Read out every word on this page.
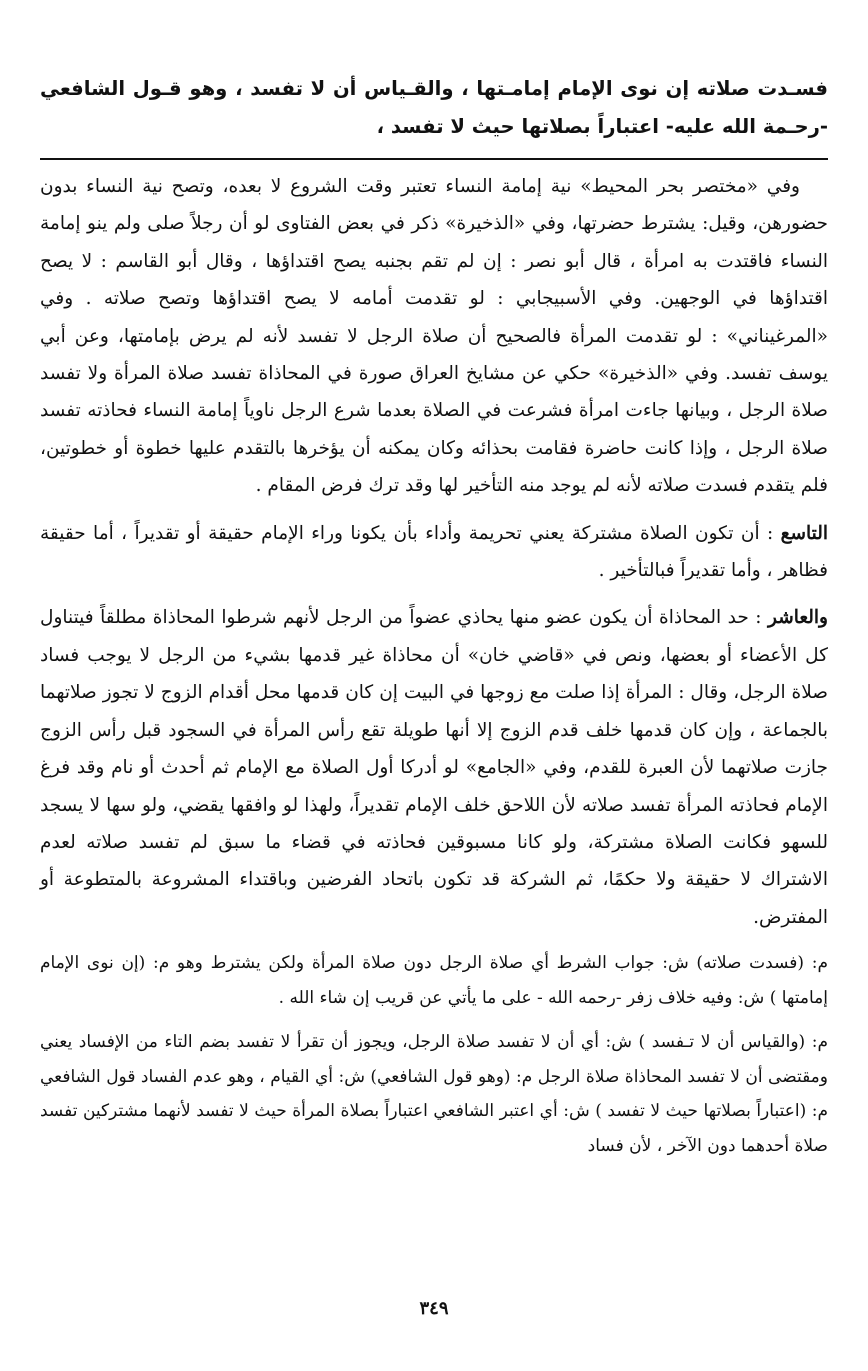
فسـدت صلاته إن نوى الإمام إمامـتها ، والقـياس أن لا تفسد ، وهو قـول الشافعي -رحـمة الله عليه- اعتباراً بصلاتها حيث لا تفسد ،

وفي «مختصر بحر المحيط» نية إمامة النساء تعتبر وقت الشروع لا بعده، وتصح نية النساء بدون حضورهن، وقيل: يشترط حضرتها، وفي «الذخيرة» ذكر في بعض الفتاوى لو أن رجلاً صلى ولم ينو إمامة النساء فاقتدت به امرأة ، قال أبو نصر : إن لم تقم بجنبه يصح اقتداؤها ، وقال أبو القاسم : لا يصح اقتداؤها في الوجهين. وفي الأسبيجابي : لو تقدمت أمامه لا يصح اقتداؤها وتصح صلاته . وفي «المرغيناني» : لو تقدمت المرأة فالصحيح أن صلاة الرجل لا تفسد لأنه لم يرض بإمامتها، وعن أبي يوسف تفسد. وفي «الذخيرة» حكي عن مشايخ العراق صورة في المحاذاة تفسد صلاة المرأة ولا تفسد صلاة الرجل ، وبيانها جاءت امرأة فشرعت في الصلاة بعدما شرع الرجل ناوياً إمامة النساء فحاذته تفسد صلاة الرجل ، وإذا كانت حاضرة فقامت بحذائه وكان يمكنه أن يؤخرها بالتقدم عليها خطوة أو خطوتين، فلم يتقدم فسدت صلاته لأنه لم يوجد منه التأخير لها وقد ترك فرض المقام .

التاسع : أن تكون الصلاة مشتركة يعني تحريمة وأداء بأن يكونا وراء الإمام حقيقة أو تقديراً ، أما حقيقة فظاهر ، وأما تقديراً فبالتأخير .

والعاشر : حد المحاذاة أن يكون عضو منها يحاذي عضواً من الرجل لأنهم شرطوا المحاذاة مطلقاً فيتناول كل الأعضاء أو بعضها، ونص في «قاضي خان» أن محاذاة غير قدمها بشيء من الرجل لا يوجب فساد صلاة الرجل، وقال : المرأة إذا صلت مع زوجها في البيت إن كان قدمها محل أقدام الزوج لا تجوز صلاتهما بالجماعة ، وإن كان قدمها خلف قدم الزوج إلا أنها طويلة تقع رأس المرأة في السجود قبل رأس الزوج جازت صلاتهما لأن العبرة للقدم، وفي «الجامع» لو أدركا أول الصلاة مع الإمام ثم أحدث أو نام وقد فرغ الإمام فحاذته المرأة تفسد صلاته لأن اللاحق خلف الإمام تقديراً، ولهذا لو وافقها يقضي، ولو سها لا يسجد للسهو فكانت الصلاة مشتركة، ولو كانا مسبوقين فحاذته في قضاء ما سبق لم تفسد صلاته لعدم الاشتراك لا حقيقة ولا حكمًا، ثم الشركة قد تكون باتحاد الفرضين وباقتداء المشروعة بالمتطوعة أو المفترض.

م: (فسدت صلاته) ش: جواب الشرط أي صلاة الرجل دون صلاة المرأة ولكن يشترط وهو م: (إن نوى الإمام إمامتها ) ش: وفيه خلاف زفر -رحمه الله - على ما يأتي عن قريب إن شاء الله .

م: (والقياس أن لا تـفسد ) ش: أي أن لا تفسد صلاة الرجل، ويجوز أن تقرأ لا تفسد بضم التاء من الإفساد يعني ومقتضى أن لا تفسد المحاذاة صلاة الرجل م: (وهو قول الشافعي) ش: أي القيام ، وهو عدم الفساد قول الشافعي م: (اعتباراً بصلاتها حيث لا تفسد ) ش: أي اعتبر الشافعي اعتباراً بصلاة المرأة حيث لا تفسد لأنهما مشتركين تفسد صلاة أحدهما دون الآخر ، لأن فساد

٣٤٩
